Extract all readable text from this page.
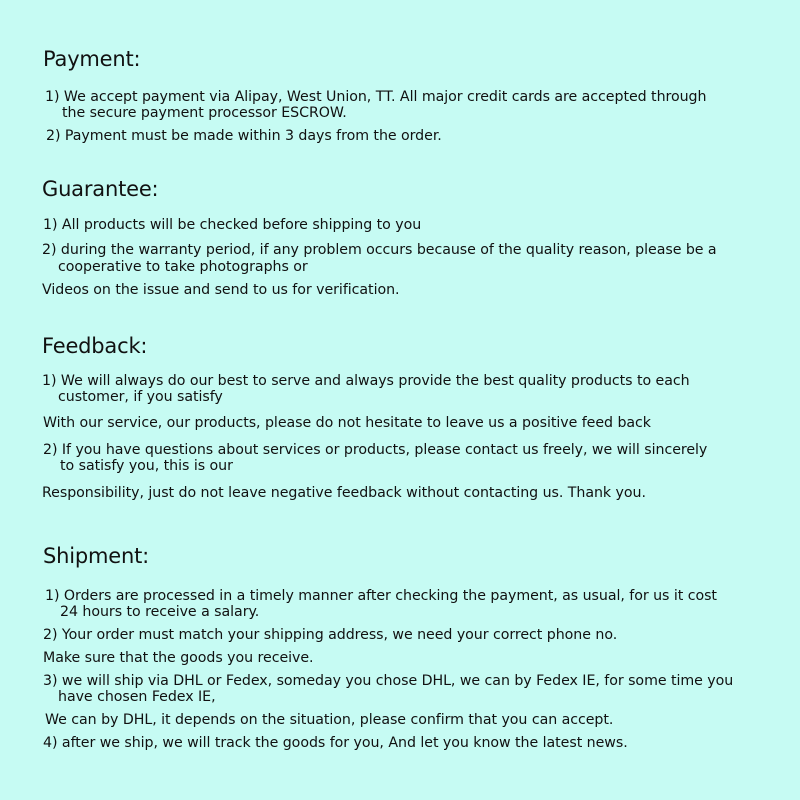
Payment:

1) We accept payment via Alipay, West Union, TT. All major credit cards are accepted through

the secure payment processor ESCROW.

2) Payment must be made within 3 days from the order.

Guarantee:

1) All products will be checked before shipping to you

2) during the warranty period, if any problem occurs because of the quality reason, please be a

cooperative to take photographs or

Videos on the issue and send to us for verification.

Feedback:

1) We will always do our best to serve and always provide the best quality products to each

customer, if you satisfy

With our service, our products, please do not hesitate to leave us a positive feed back

2) If you have questions about services or products, please contact us freely, we will sincerely

to satisfy you, this is our

Responsibility, just do not leave negative feedback without contacting us. Thank you.

Shipment:

1) Orders are processed in a timely manner after checking the payment, as usual, for us it cost

24 hours to receive a salary.

2) Your order must match your shipping address, we need your correct phone no.

Make sure that the goods you receive.

3) we will ship via DHL or Fedex, someday you chose DHL, we can by Fedex IE, for some time you

have chosen Fedex IE,

We can by DHL, it depends on the situation, please confirm that you can accept.

4) after we ship, we will track the goods for you, And let you know the latest news.
